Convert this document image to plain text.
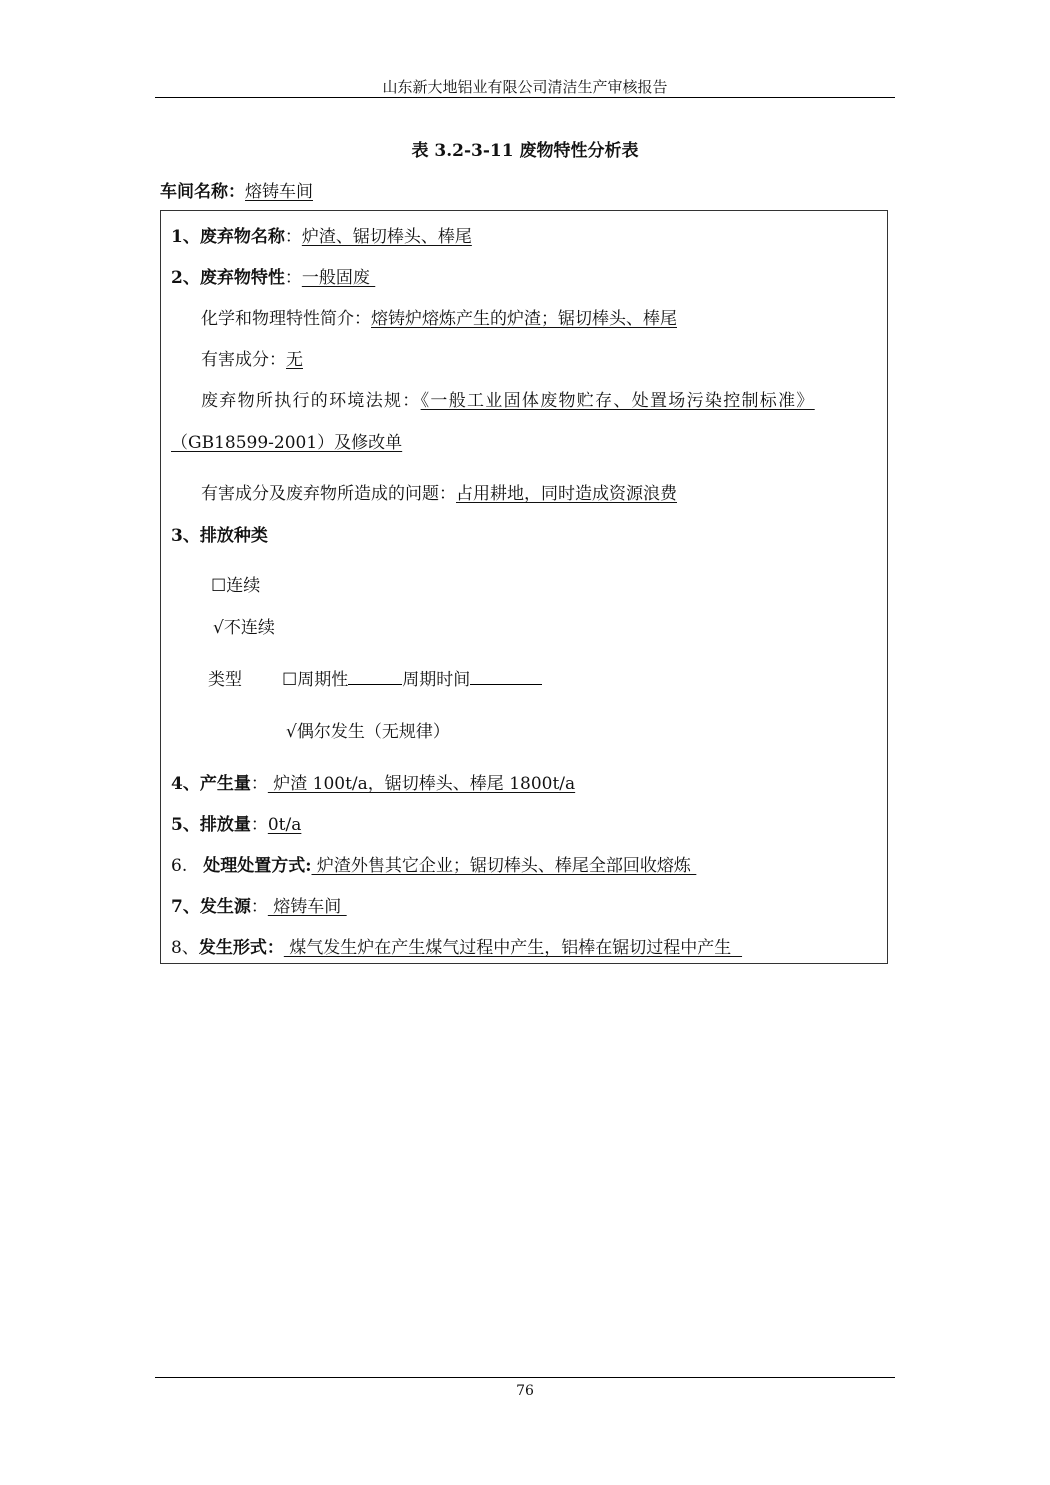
山东新大地铝业有限公司清洁生产审核报告
表 3.2-3-11 废物特性分析表
车间名称：熔铸车间
1、废弃物名称：炉渣、锯切棒头、棒尾
2、废弃物特性：一般固废
化学和物理特性简介：熔铸炉熔炼产生的炉渣；锯切棒头、棒尾
有害成分：无
废弃物所执行的环境法规：《一般工业固体废物贮存、处置场污染控制标准》
（GB18599-2001）及修改单
有害成分及废弃物所造成的问题：占用耕地，同时造成资源浪费
3、排放种类
☐连续
√不连续
类型 ☐周期性	周期时间
√偶尔发生（无规律）
4、产生量： 炉渣 100t/a，锯切棒头、棒尾 1800t/a
5、排放量：0t/a
6. 处理处置方式: 炉渣外售其它企业；锯切棒头、棒尾全部回收熔炼
7、发生源： 熔铸车间
8、发生形式： 煤气发生炉在产生煤气过程中产生，铝棒在锯切过程中产生
76
